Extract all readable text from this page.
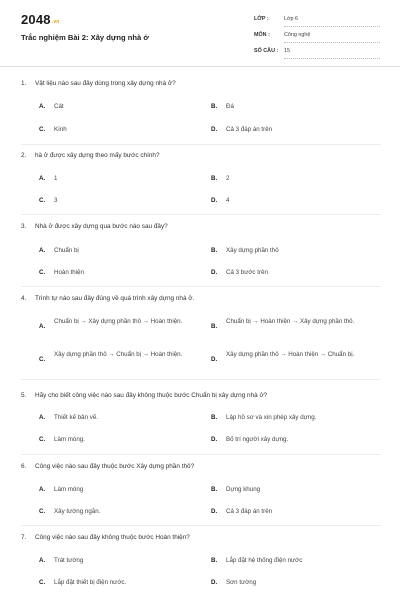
2048.vn
Trắc nghiệm Bài 2: Xây dựng nhà ở
LỚP :	Lớp 6
MÔN :	Công nghệ
SỐ CÂU : 15
1. Vật liệu nào sau đây dùng trong xây dựng nhà ở?
A. Cát	B. Đá
C. Kính	D. Cả 3 đáp án trên
2. hà ở được xây dựng theo mấy bước chính?
A. 1	B. 2
C. 3	D. 4
3. Nhà ở được xây dựng qua bước nào sau đây?
A. Chuẩn bị	B. Xây dựng phần thô
C. Hoàn thiện	D. Cả 3 bước trên
4. Trình tự nào sau đây đúng về quá trình xây dựng nhà ở.
A.
Chuẩn bị → Xây dựng phần thô → Hoàn thiện.
B.
Chuẩn bị → Hoàn thiện → Xây dựng phần thô.
C.
Xây dựng phần thô → Chuẩn bị → Hoàn thiện.
D.
Xây dựng phần thô → Hoàn thiện → Chuẩn bị.
5. Hãy cho biết công việc nào sau đây không thuộc bước Chuẩn bị xây dựng nhà ở?
A. Thiết kế bản vẽ.	B. Lập hồ sơ và xin phép xây dựng.
C. Làm móng.	D. Bố trí người xây dựng.
6. Công việc nào sau đây thuộc bước Xây dựng phần thô?
A. Làm móng	B. Dựng khung
C. Xây tường ngăn.	D. Cả 3 đáp án trên
7. Công việc nào sau đây không thuộc bước Hoàn thiện?
A. Trát tường	B. Lắp đặt hệ thống điện nước
C. Lắp đặt thiết bị điện nước.	D. Sơn tường
